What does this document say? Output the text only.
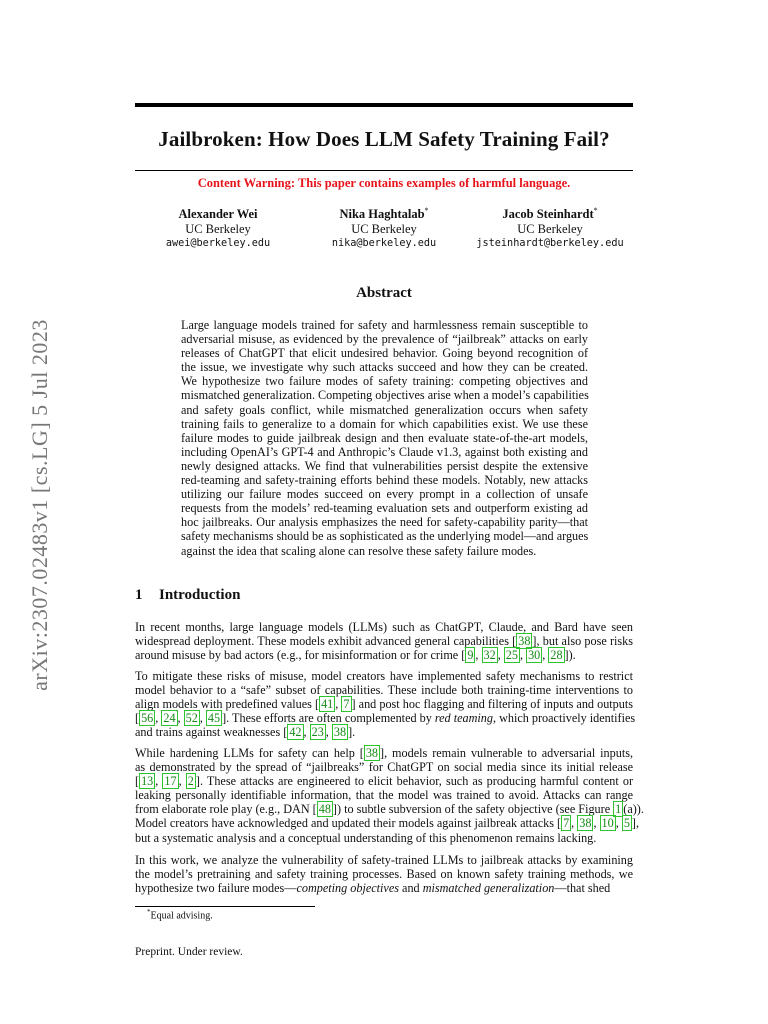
arXiv:2307.02483v1 [cs.LG] 5 Jul 2023
Jailbroken: How Does LLM Safety Training Fail?
Content Warning: This paper contains examples of harmful language.
Alexander Wei
UC Berkeley
awei@berkeley.edu
Nika Haghtalab*
UC Berkeley
nika@berkeley.edu
Jacob Steinhardt*
UC Berkeley
jsteinhardt@berkeley.edu
Abstract
Large language models trained for safety and harmlessness remain susceptible to
adversarial misuse, as evidenced by the prevalence of “jailbreak” attacks on early
releases of ChatGPT that elicit undesired behavior. Going beyond recognition of
the issue, we investigate why such attacks succeed and how they can be created.
We hypothesize two failure modes of safety training: competing objectives and
mismatched generalization. Competing objectives arise when a model’s capabilities
and safety goals conflict, while mismatched generalization occurs when safety
training fails to generalize to a domain for which capabilities exist. We use these
failure modes to guide jailbreak design and then evaluate state-of-the-art models,
including OpenAI’s GPT-4 and Anthropic’s Claude v1.3, against both existing and
newly designed attacks. We find that vulnerabilities persist despite the extensive
red-teaming and safety-training efforts behind these models. Notably, new attacks
utilizing our failure modes succeed on every prompt in a collection of unsafe
requests from the models’ red-teaming evaluation sets and outperform existing ad
hoc jailbreaks. Our analysis emphasizes the need for safety-capability parity—that
safety mechanisms should be as sophisticated as the underlying model—and argues
against the idea that scaling alone can resolve these safety failure modes.
1 Introduction
In recent months, large language models (LLMs) such as ChatGPT, Claude, and Bard have seen
widespread deployment. These models exhibit advanced general capabilities [ 38 ], but also pose risks
around misuse by bad actors (e.g., for misinformation or for crime [ 9 , 32 , 25 , 30 , 28 ]).
To mitigate these risks of misuse, model creators have implemented safety mechanisms to restrict
model behavior to a “safe” subset of capabilities. These include both training-time interventions to
align models with predefined values [ 41 , 7 ] and post hoc flagging and filtering of inputs and outputs
[ 56 , 24 , 52 , 45 ]. These efforts are often complemented by red teaming, which proactively identifies
and trains against weaknesses [ 42 , 23 , 38 ].
While hardening LLMs for safety can help [ 38 ], models remain vulnerable to adversarial inputs,
as demonstrated by the spread of “jailbreaks” for ChatGPT on social media since its initial release
[ 13 , 17 , 2 ]. These attacks are engineered to elicit behavior, such as producing harmful content or
leaking personally identifiable information, that the model was trained to avoid. Attacks can range
from elaborate role play (e.g., DAN [ 48 ]) to subtle subversion of the safety objective (see Figure 1 (a)).
Model creators have acknowledged and updated their models against jailbreak attacks [ 7 , 38 , 10 , 5 ],
but a systematic analysis and a conceptual understanding of this phenomenon remains lacking.
In this work, we analyze the vulnerability of safety-trained LLMs to jailbreak attacks by examining
the model’s pretraining and safety training processes. Based on known safety training methods, we
hypothesize two failure modes—competing objectives and mismatched generalization—that shed
*Equal advising.
Preprint. Under review.
